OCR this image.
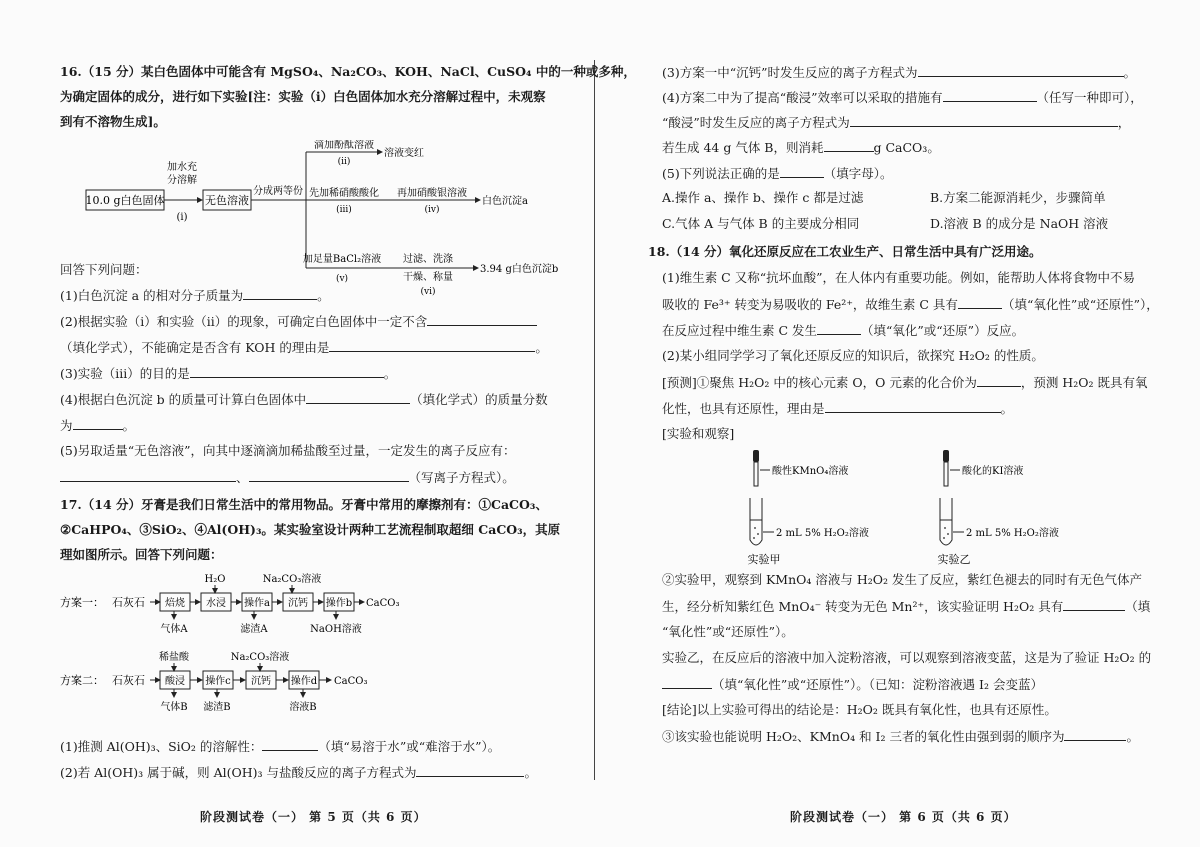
16.（15 分）某白色固体中可能含有 MgSO₄、Na₂CO₃、KOH、NaCl、CuSO₄ 中的一种或多种，
为确定固体的成分，进行如下实验[注：实验（ⅰ）白色固体加水充分溶解过程中，未观察
到有不溶物生成]。
10.0 g白色固体
加水充
分溶解
(i)
无色溶液
分成两等份
滴加酚酞溶液
(ii)
溶液变红
先加稀硝酸酸化
(iii)
再加硝酸银溶液
(iv)
白色沉淀a
加足量BaCl₂溶液
(v)
过滤、洗涤
干燥、称量
(vi)
3.94 g白色沉淀b
回答下列问题：
(1)白色沉淀 a 的相对分子质量为	。
(2)根据实验（ⅰ）和实验（ⅱ）的现象，可确定白色固体中一定不含
（填化学式），不能确定是否含有 KOH 的理由是	。
(3)实验（ⅲ）的目的是	。
(4)根据白色沉淀 b 的质量可计算白色固体中	（填化学式）的质量分数
为	。
(5)另取适量“无色溶液”，向其中逐滴滴加稀盐酸至过量，一定发生的离子反应有：
、	（写离子方程式）。
17.（14 分）牙膏是我们日常生活中的常用物品。牙膏中常用的摩擦剂有：①CaCO₃、
②CaHPO₄、③SiO₂、④Al(OH)₃。某实验室设计两种工艺流程制取超细 CaCO₃，其原
理如图所示。回答下列问题：
方案一： 石灰石 焙烧 水浸 操作a 沉钙 操作b
H₂O	Na₂CO₃溶液
气体A	滤渣A	NaOH溶液
CaCO₃
方案二： 石灰石 酸浸 操作c 沉钙 操作d
稀盐酸	Na₂CO₃溶液
气体B 滤渣B	溶液B
CaCO₃
(1)推测 Al(OH)₃、SiO₂ 的溶解性：	（填“易溶于水”或“难溶于水”）。
(2)若 Al(OH)₃ 属于碱，则 Al(OH)₃ 与盐酸反应的离子方程式为	。
(3)方案一中“沉钙”时发生反应的离子方程式为	。
(4)方案二中为了提高“酸浸”效率可以采取的措施有	（任写一种即可），
“酸浸”时发生反应的离子方程式为	，
若生成 44 g 气体 B，则消耗	g CaCO₃。
(5)下列说法正确的是	（填字母）。
A.操作 a、操作 b、操作 c 都是过滤	B.方案二能源消耗少，步骤简单
C.气体 A 与气体 B 的主要成分相同	D.溶液 B 的成分是 NaOH 溶液
18.（14 分）氧化还原反应在工农业生产、日常生活中具有广泛用途。
(1)维生素 C 又称“抗坏血酸”，在人体内有重要功能。例如，能帮助人体将食物中不易
吸收的 Fe³⁺ 转变为易吸收的 Fe²⁺，故维生素 C 具有	（填“氧化性”或“还原性”），
在反应过程中维生素 C 发生	（填“氧化”或“还原”）反应。
(2)某小组同学学习了氧化还原反应的知识后，欲探究 H₂O₂ 的性质。
[预测]①聚焦 H₂O₂ 中的核心元素 O，O 元素的化合价为	，预测 H₂O₂ 既具有氧
化性，也具有还原性，理由是	。
[实验和观察]
酸性KMnO₄溶液
2 mL 5% H₂O₂溶液
实验甲
酸化的KI溶液
2 mL 5% H₂O₂溶液
实验乙
②实验甲，观察到 KMnO₄ 溶液与 H₂O₂ 发生了反应，紫红色褪去的同时有无色气体产
生，经分析知紫红色 MnO₄⁻ 转变为无色 Mn²⁺，该实验证明 H₂O₂ 具有	（填
“氧化性”或“还原性”）。
实验乙，在反应后的溶液中加入淀粉溶液，可以观察到溶液变蓝，这是为了验证 H₂O₂ 的
（填“氧化性”或“还原性”）。（已知：淀粉溶液遇 I₂ 会变蓝）
[结论]以上实验可得出的结论是：H₂O₂ 既具有氧化性，也具有还原性。
③该实验也能说明 H₂O₂、KMnO₄ 和 I₂ 三者的氧化性由强到弱的顺序为	。
阶段测试卷（一） 第 5 页（共 6 页）	阶段测试卷（一） 第 6 页（共 6 页）
